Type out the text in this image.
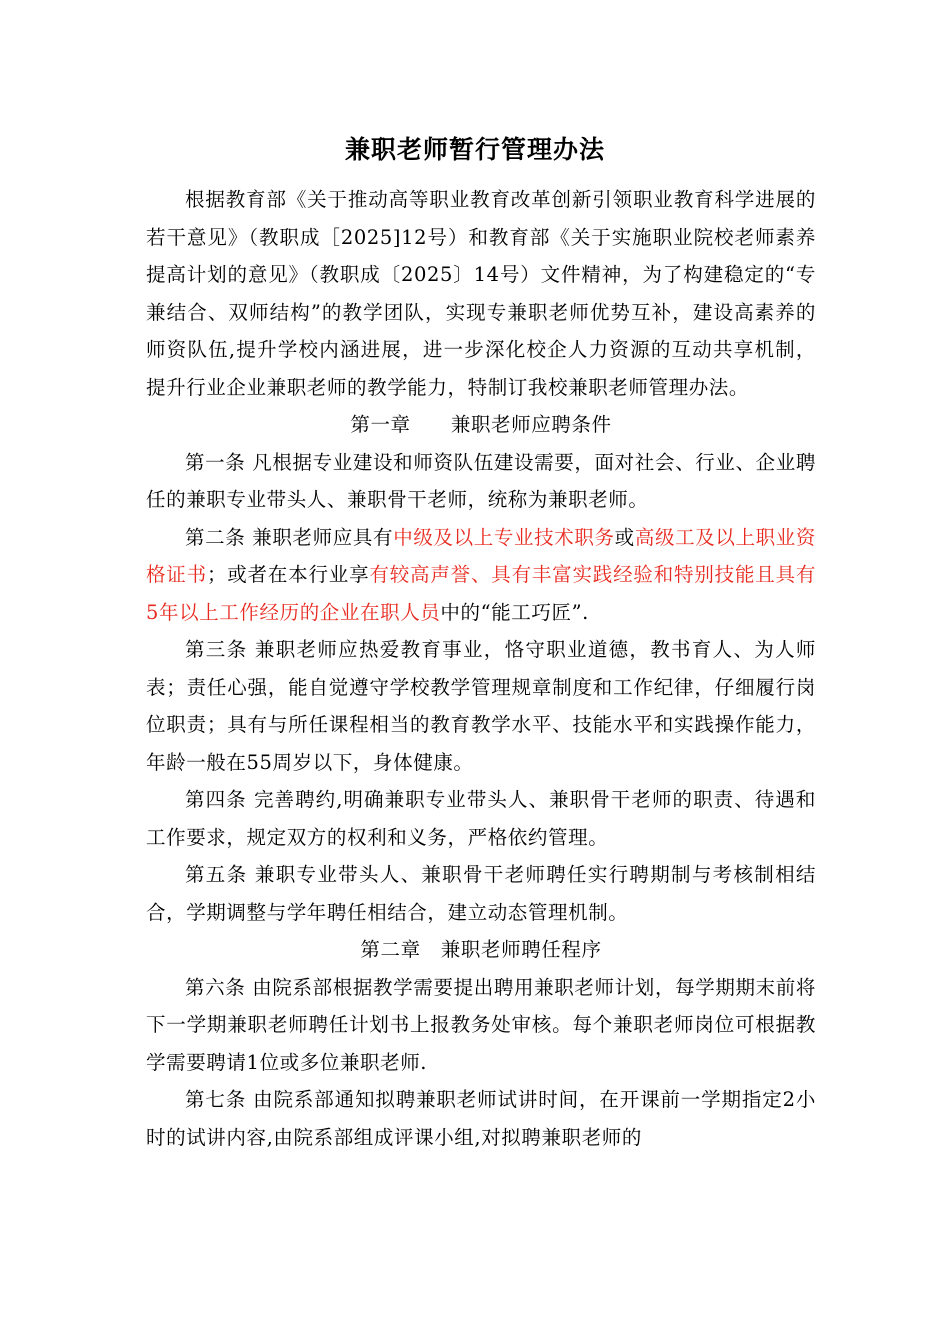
兼职老师暂行管理办法

根据教育部《关于推动高等职业教育改革创新引领职业教育科学进展的若干意见》（教职成［2025]12号）和教育部《关于实施职业院校老师素养提高计划的意见》（教职成〔2025〕14号）文件精神，为了构建稳定的“专兼结合、双师结构”的教学团队，实现专兼职老师优势互补，建设高素养的师资队伍,提升学校内涵进展，进一步深化校企人力资源的互动共享机制，提升行业企业兼职老师的教学能力，特制订我校兼职老师管理办法。

第一章　　兼职老师应聘条件

第一条 凡根据专业建设和师资队伍建设需要，面对社会、行业、企业聘任的兼职专业带头人、兼职骨干老师，统称为兼职老师。

第二条 兼职老师应具有中级及以上专业技术职务或高级工及以上职业资格证书；或者在本行业享有较高声誉、具有丰富实践经验和特别技能且具有5年以上工作经历的企业在职人员中的“能工巧匠”.

第三条 兼职老师应热爱教育事业，恪守职业道德，教书育人、为人师表；责任心强，能自觉遵守学校教学管理规章制度和工作纪律，仔细履行岗位职责；具有与所任课程相当的教育教学水平、技能水平和实践操作能力，年龄一般在55周岁以下，身体健康。

第四条 完善聘约,明确兼职专业带头人、兼职骨干老师的职责、待遇和工作要求，规定双方的权利和义务，严格依约管理。

第五条 兼职专业带头人、兼职骨干老师聘任实行聘期制与考核制相结合，学期调整与学年聘任相结合，建立动态管理机制。

第二章　兼职老师聘任程序

第六条 由院系部根据教学需要提出聘用兼职老师计划，每学期期末前将下一学期兼职老师聘任计划书上报教务处审核。每个兼职老师岗位可根据教学需要聘请1位或多位兼职老师.

第七条 由院系部通知拟聘兼职老师试讲时间，在开课前一学期指定2小时的试讲内容,由院系部组成评课小组,对拟聘兼职老师的
